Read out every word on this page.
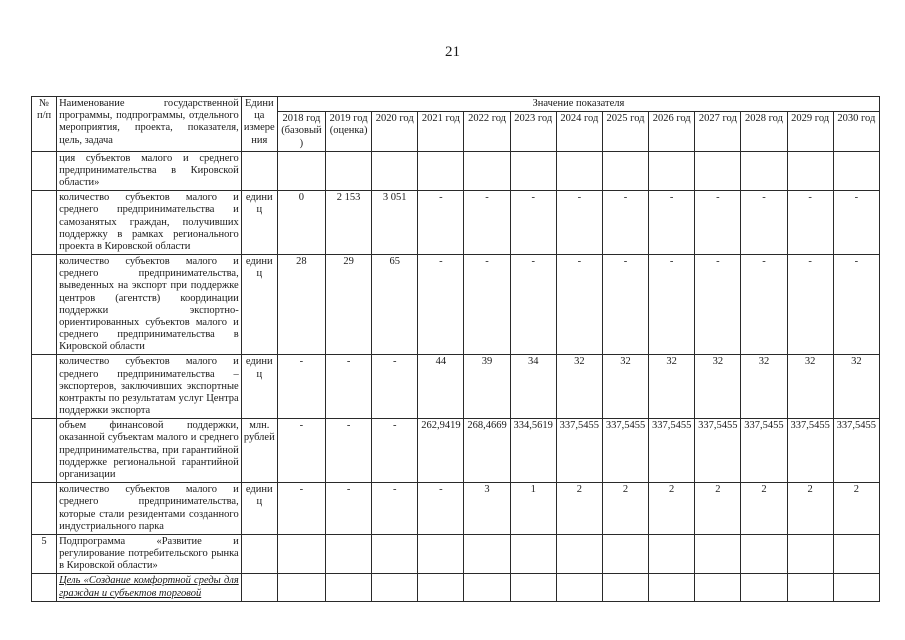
21
№ п/п	Наименование государственной программы, подпрограммы, отдельного мероприятия, проекта, показателя, цель, задача	Единица измерения	Значение показателя												
			2018 год (базовый)	2019 год (оценка)	2020 год	2021 год	2022 год	2023 год	2024 год	2025 год	2026 год	2027 год	2028 год	2029 год	2030 год
	ция субъектов малого и среднего предпринимательства в Кировской области»														
	количество субъектов малого и среднего предпринимательства и самозанятых граждан, получивших поддержку в рамках регионального проекта в Кировской области	единиц	0	2 153	3 051	-	-	-	-	-	-	-	-	-	-
	количество субъектов малого и среднего предпринимательства, выведенных на экспорт при поддержке центров (агентств) координации поддержки экспортно-ориентированных субъектов малого и среднего предпринимательства в Кировской области	единиц	28	29	65	-	-	-	-	-	-	-	-	-	-
	количество субъектов малого и среднего предпринимательства – экспортеров, заключивших экспортные контракты по результатам услуг Центра поддержки экспорта	единиц	-	-	-	44	39	34	32	32	32	32	32	32	32
	объем финансовой поддержки, оказанной субъектам малого и среднего предпринимательства, при гарантийной поддержке региональной гарантийной организации	млн. рублей	-	-	-	262,9419	268,4669	334,5619	337,5455	337,5455	337,5455	337,5455	337,5455	337,5455	337,5455
	количество субъектов малого и среднего предпринимательства, которые стали резидентами созданного индустриального парка	единиц	-	-	-	-	3	1	2	2	2	2	2	2	2
5	Подпрограмма «Развитие и регулирование потребительского рынка в Кировской области»														
	Цель «Создание комфортной среды для граждан и субъектов торговой														
